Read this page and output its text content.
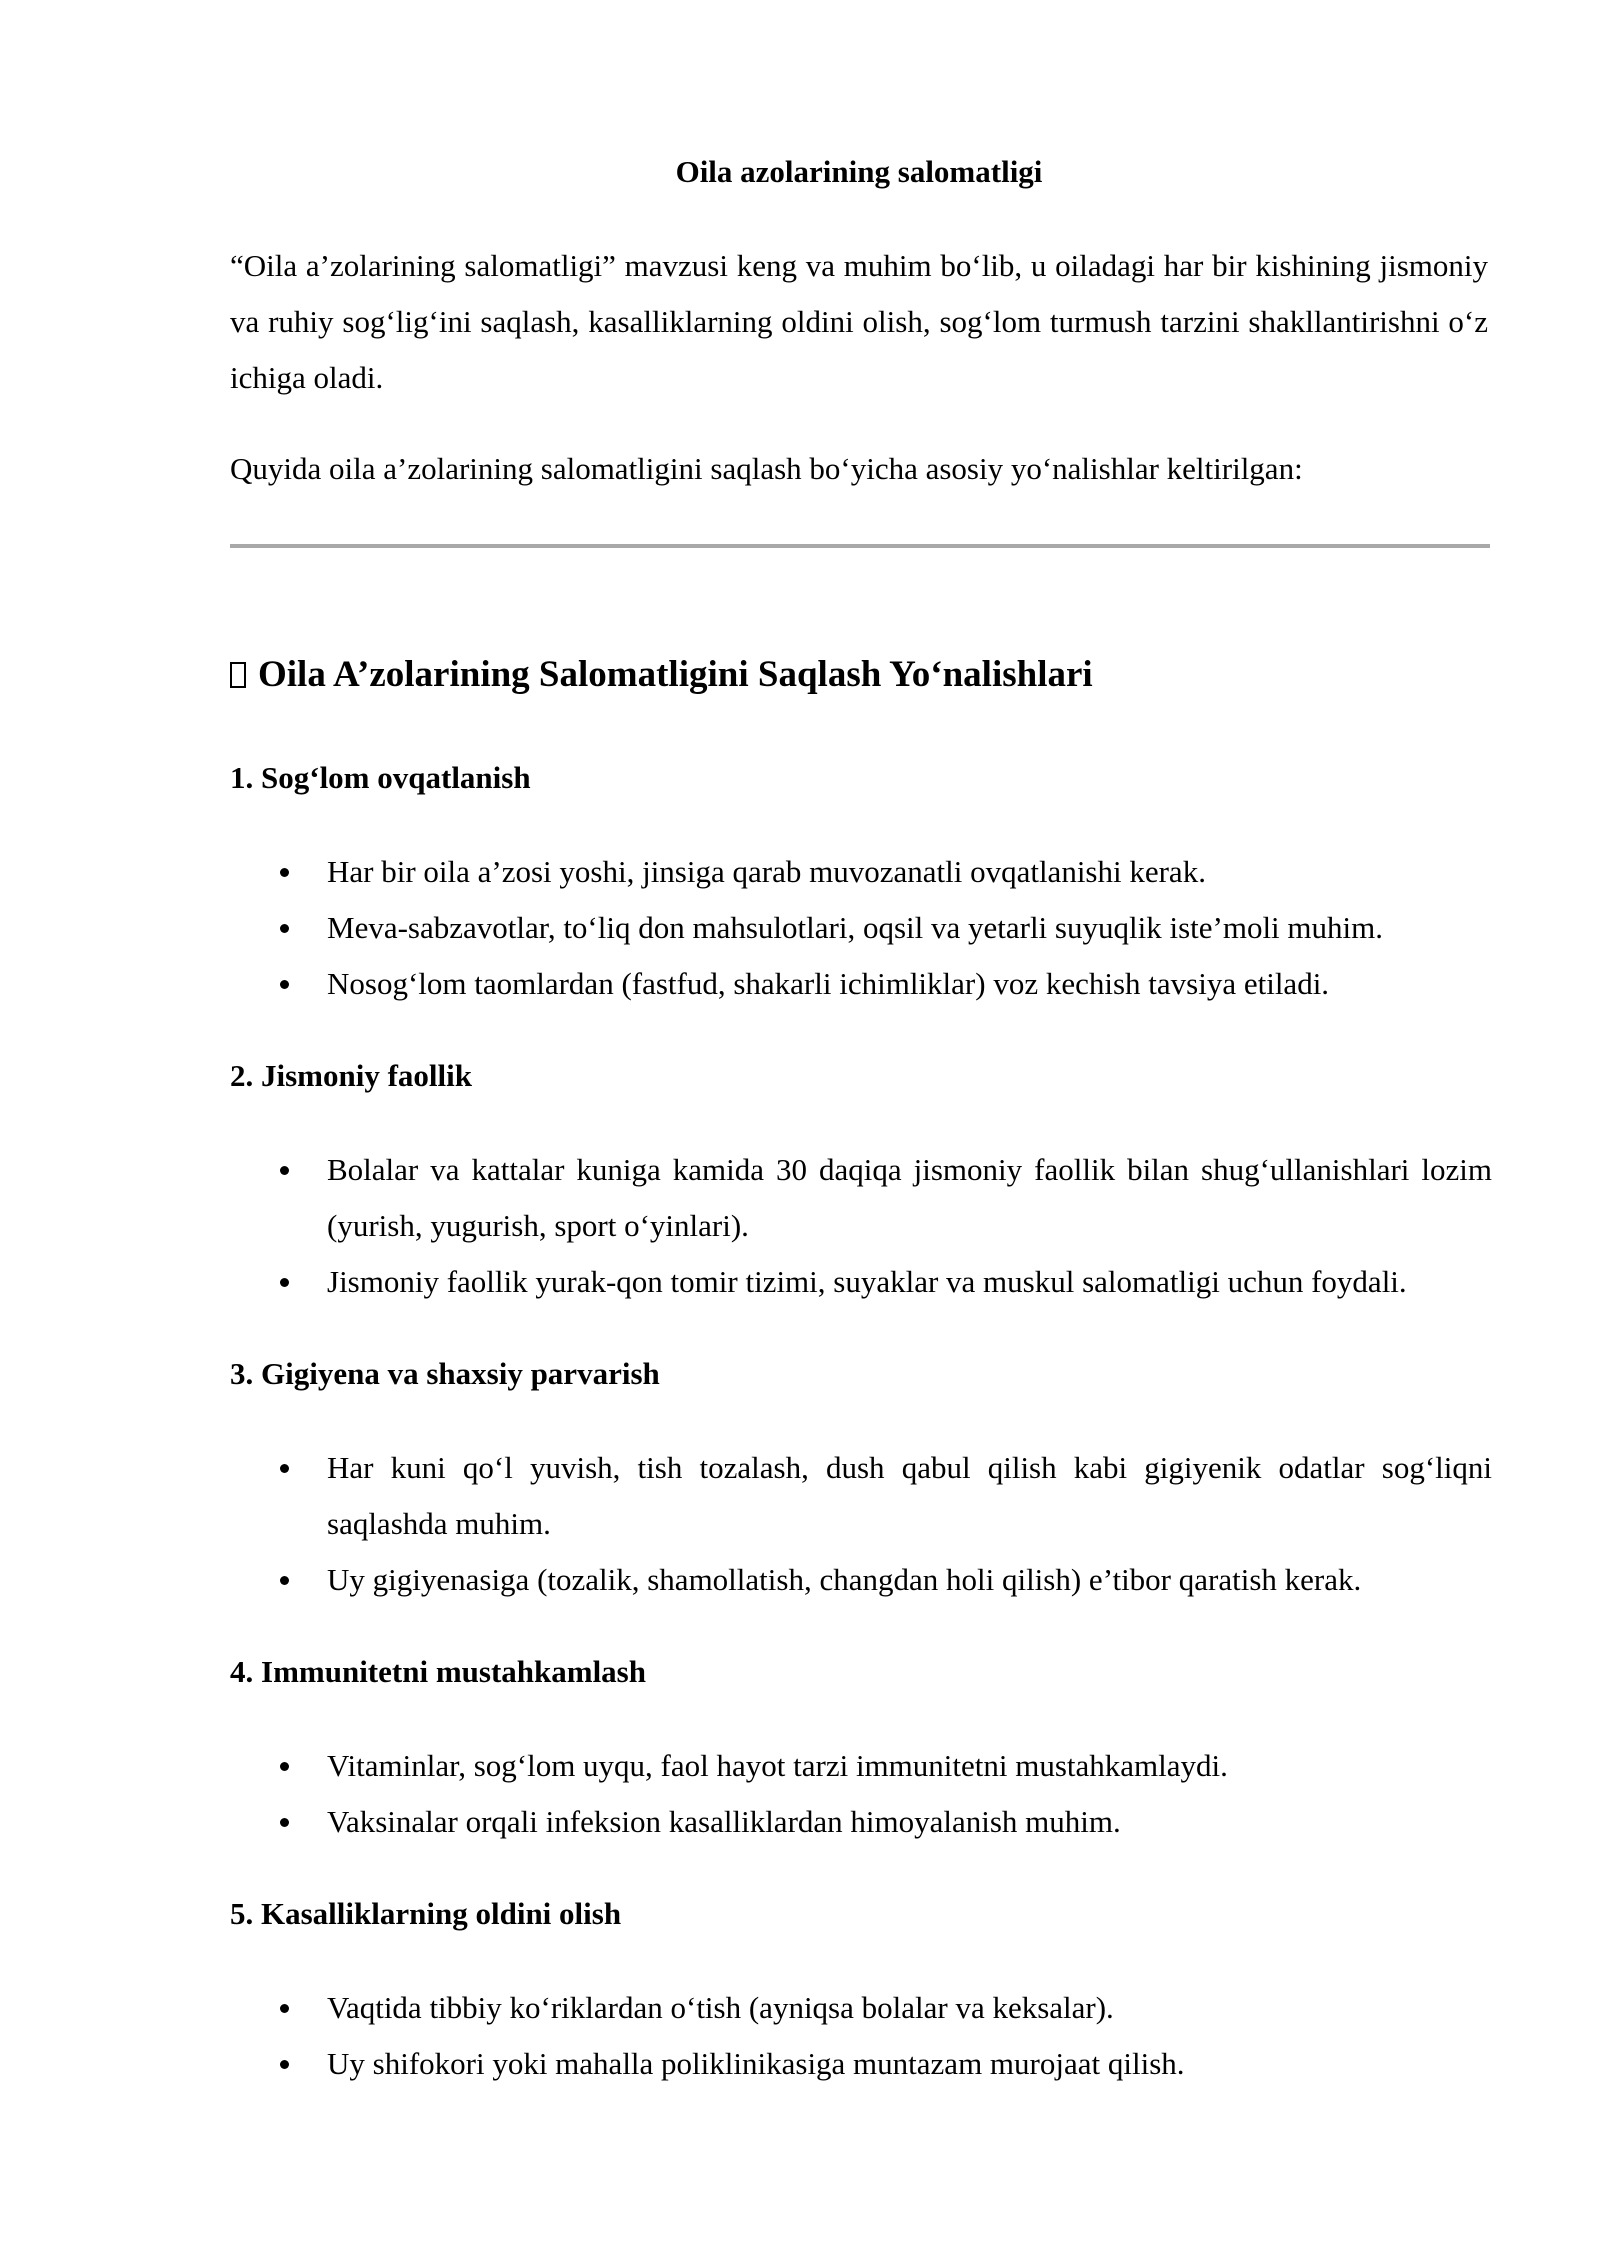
Oila azolarining salomatligi

“Oila a’zolarining salomatligi” mavzusi keng va muhim bo‘lib, u oiladagi har bir kishining jismoniy va ruhiy sog‘lig‘ini saqlash, kasalliklarning oldini olish, sog‘lom turmush tarzini shakllantirishni o‘z ichiga oladi.

Quyida oila a’zolarining salomatligini saqlash bo‘yicha asosiy yo‘nalishlar keltirilgan:

Oila A’zolarining Salomatligini Saqlash Yo‘nalishlari
1. Sog‘lom ovqatlanish
Har bir oila a’zosi yoshi, jinsiga qarab muvozanatli ovqatlanishi kerak.
Meva-sabzavotlar, to‘liq don mahsulotlari, oqsil va yetarli suyuqlik iste’moli muhim.
Nosog‘lom taomlardan (fastfud, shakarli ichimliklar) voz kechish tavsiya etiladi.
2. Jismoniy faollik
Bolalar va kattalar kuniga kamida 30 daqiqa jismoniy faollik bilan shug‘ullanishlari lozim (yurish, yugurish, sport o‘yinlari).
Jismoniy faollik yurak-qon tomir tizimi, suyaklar va muskul salomatligi uchun foydali.
3. Gigiyena va shaxsiy parvarish
Har kuni qo‘l yuvish, tish tozalash, dush qabul qilish kabi gigiyenik odatlar sog‘liqni saqlashda muhim.
Uy gigiyenasiga (tozalik, shamollatish, changdan holi qilish) e’tibor qaratish kerak.
4. Immunitetni mustahkamlash
Vitaminlar, sog‘lom uyqu, faol hayot tarzi immunitetni mustahkamlaydi.
Vaksinalar orqali infeksion kasalliklardan himoyalanish muhim.
5. Kasalliklarning oldini olish
Vaqtida tibbiy ko‘riklardan o‘tish (ayniqsa bolalar va keksalar).
Uy shifokori yoki mahalla poliklinikasiga muntazam murojaat qilish.
